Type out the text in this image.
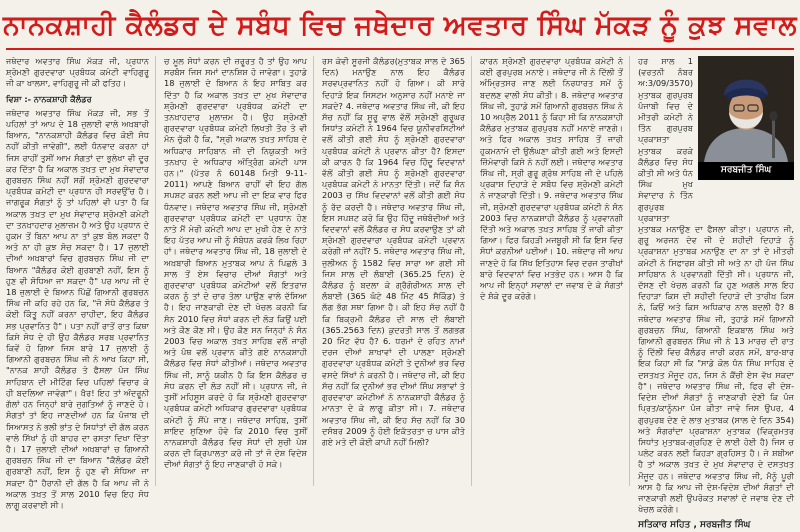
ਨਾਨਕਸ਼ਾਹੀ ਕੈਲੰਡਰ ਦੇ ਸਬੰਧ ਵਿਚ ਜਥੇਦਾਰ ਅਵਤਾਰ ਸਿੰਘ ਮੱਕੜ ਨੂੰ ਕੁਝ ਸਵਾਲ

ਜਥੇਦਾਰ ਅਵਤਾਰ ਸਿੰਘ ਮੱਕੜ ਜੀ, ਪ੍ਰਧਾਨ ਸ਼੍ਰੋਮਣੀ ਗੁਰਦਵਾਰਾ ਪ੍ਰਬੰਧਕ ਕਮੇਟੀ ਵਾਹਿਗੁਰੂ ਜੀ ਕਾ ਖਾਲਸਾ, ਵਾਹਿਗੁਰੂ ਜੀ ਕੀ ਫਤਿਹ।

ਵਿਸ਼ਾ :- ਨਾਨਕਸ਼ਾਹੀ ਕੈਲੰਡਰ

ਜਥੇਦਾਰ ਅਵਤਾਰ ਸਿੰਘ ਮੱਕੜ ਜੀ, ਸਭ ਤੋਂ ਪਹਿਲਾਂ ਤਾਂ ਆਪ ਦੇ 18 ਜੁਲਾਈ ਵਾਲੇ ਅਖ਼ਬਾਰੀ ਬਿਆਨ, "ਨਾਨਕਸ਼ਾਹੀ ਕੈਲੰਡਰ ਵਿਚ ਕੋਈ ਸੋਧ ਨਹੀਂ ਕੀਤੀ ਜਾਵੇਗੀ", ਲਈ ਧੰਨਵਾਦ ਕਰਨਾ ਹਾਂ ਜਿਸ ਰਾਹੀਂ ਤੁਸੀਂ ਆਮ ਸੰਗਤਾਂ ਦਾ ਭੁਲੇਖਾ ਵੀ ਦੂਰ ਕਰ ਦਿੱਤਾ ਹੈ ਕਿ ਅਕਾਲ ਤਖ਼ਤ ਦਾ ਮੁਖ ਸੇਵਾਦਾਰ ਗੁਰਬਚਨ ਸਿੰਘ ਨਹੀਂ ਸਗੋਂ ਸ਼੍ਰੋਮਣੀ ਗੁਰਦਵਾਰਾ ਪ੍ਰਬੰਧਕ ਕਮੇਟੀ ਦਾ ਪ੍ਰਧਾਨ ਹੀ ਸਰਵਉੱਚ ਹੈ। ਜਾਗਰੂਕ ਸੰਗਤਾਂ ਨੂੰ ਤਾਂ ਪਹਿਲਾਂ ਵੀ ਪਤਾ ਹੈ ਕਿ ਅਕਾਲ ਤਖ਼ਤ ਦਾ ਮੁਖ ਸੇਵਾਦਾਰ ਸ਼੍ਰੋਮਣੀ ਕਮੇਟੀ ਦਾ ਤਨਖ਼ਾਹਦਾਰ ਮੁਲਾਜ਼ਮ ਹੈ ਅਤੇ ਉਹ ਪ੍ਰਧਾਨ ਦੇ ਹੁਕਮ ਤੋਂ ਬਿਨਾ ਆਪ ਨਾ ਤਾਂ ਕੁਝ ਬੋਲ ਸਕਦਾ ਹੈ ਅਤੇ ਨਾ ਹੀ ਕੁਝ ਸੋਚ ਸਕਦਾ ਹੈ। 17 ਜੁਲਾਈ ਦੀਆਂ ਅਖ਼ਬਾਰਾਂ ਵਿਚ ਗੁਰਬਚਨ ਸਿੰਘ ਜੀ ਦਾ ਬਿਆਨ "ਕੈਲੰਡਰ ਕੋਈ ਗੁਰਬਾਣੀ ਨਹੀਂ, ਇਸ ਨੂੰ ਹੁਣ ਵੀ ਸੋਧਿਆ ਜਾ ਸਕਦਾ ਹੈ" ਪਰ ਆਪ ਜੀ ਦੇ 18 ਜੁਲਾਈ ਦੇ ਬਿਆਨ ਪਿੱਛੋਂ ਗਿਆਨੀ ਗੁਰਬਚਨ ਸਿੰਘ ਜੀ ਕਹਿ ਰਹੇ ਹਨ ਕਿ, "ਜੋ ਸੋਧੇ ਕੈਲੰਡਰ ਤੇ ਕੋਈ ਕਿੰਤੂ ਨਹੀਂ ਕਰਨਾ ਚਾਹੀਦਾ, ਇਹ ਕੈਲੰਡਰ ਸਭ ਪ੍ਰਵਾਨਿਤ ਹੈ"। ਪਤਾ ਨਹੀਂ ਰਾਤੋਂ ਰਾਤ ਕਿਥਾ ਕਿਸੇ ਸੋਧ ਦੇ ਹੀ ਉਹ ਕੈਲੰਡਰ ਸਰਬ ਪ੍ਰਵਾਨਿਤ ਕਿਵੇਂ ਹੋ ਗਿਆ ਜਿਸ ਬਾਰੇ 17 ਜੁਲਾਈ ਨੂੰ ਗਿਆਨੀ ਗੁਰਬਚਨ ਸਿੰਘ ਜੀ ਨੇ ਆਖ ਕਿਹਾ ਸੀ, "ਨਾਨਕ ਸ਼ਾਹੀ ਕੈਲੰਡਰ ਤੇ ਫੈਸਲਾ ਪੰਜ ਸਿੰਘ ਸਾਹਿਬਾਨ ਦੀ ਮੀਟਿੰਗ ਵਿਚ ਪਹਿਲਾਂ ਵਿਚਾਰ ਕੇ ਹੀ ਬਦਲਿਆ ਜਾਵੇਗਾ"। ਖ਼ੈਰ! ਇਹ ਤਾਂ ਅੰਦਰੂਨੀ ਗੱਲਾਂ ਹਨ ਜਿਨ੍ਹਾਂ ਬਾਰੇ ਜੁਗਤਿਆਂ ਨੂੰ ਜਾਣਦੇ ਹੋ। ਸੰਗਤਾਂ ਤਾਂ ਇਹ ਜਾਣਦੀਆਂ ਹਨ ਕਿ ਪੰਜਾਬ ਦੀ ਸਿਆਸਤ ਨੇ ਭਲੀ ਭਾਂਤ ਦੇ ਸਿਧਾਂਤਾਂ ਦੀ ਗੱਲ ਕਰਨ ਵਾਲੇ ਸਿੱਖਾਂ ਨੂੰ ਹੀ ਬਾਹਰ ਦਾ ਰਸਤਾ ਦਿਖਾ ਦਿੱਤਾ ਹੈ। 17 ਜੁਲਾਈ ਦੀਆਂ ਅਖ਼ਬਾਰਾਂ ਚ ਗਿਆਨੀ ਗੁਰਬਚਨ ਸਿੰਘ ਜੀ ਦਾ ਬਿਆਨ "ਕੈਲੰਡਰ ਕੋਈ ਗੁਰਬਾਣੀ ਨਹੀਂ, ਇਸ ਨੂੰ ਹੁਣ ਵੀ ਸੋਧਿਆ ਜਾ ਸਕਦਾ ਹੈ" ਹੈਰਾਨੀ ਦੀ ਗੱਲ ਹੈ ਕਿ ਆਪ ਜੀ ਨੇ ਅਕਾਲ ਤਖ਼ਤ ਤੋਂ ਸਾਲ 2010 ਵਿਚ ਇਹ ਸੋਧ ਲਾਗੂ ਕਰਵਾਈ ਸੀ।

ਚ ਮੂਲ ਸੋਧਾਂ ਕਰਨ ਦੀ ਜ਼ਰੂਰਤ ਹੈ ਤਾਂ ਉਹ ਆਪ ਸਰਬੰਸ ਜਿਸ ਸਮਾਂ ਦਾਨਸ਼ਿਸ਼ ਹੋ ਜਾਵੇਗਾ। ਤੁਹਾਡੇ 18 ਜੁਲਾਈ ਦੇ ਬਿਆਨ ਨੇ ਇਹ ਸਾਬਿਤ ਕਰ ਦਿੱਤਾ ਹੈ ਕਿ ਅਕਾਲ ਤਖ਼ਤ ਦਾ ਮੁਖ ਸੇਵਾਦਾਰ ਸ਼੍ਰੋਮਣੀ ਗੁਰਦਵਾਰਾ ਪ੍ਰਬੰਧਕ ਕਮੇਟੀ ਦਾ ਤਨਖ਼ਾਹਦਾਰ ਮੁਲਾਜ਼ਮ ਹੈ। ਉਹ ਸ਼੍ਰੋਮਣੀ ਗੁਰਦਵਾਰਾ ਪ੍ਰਬੰਧਕ ਕਮੇਟੀ ਲਿਖਤੀ ਤੌਰ ਤੇ ਵੀ ਮੰਨ ਚੁੱਕੀ ਹੈ ਕਿ, "ਸ੍ਰੀ ਅਕਾਲ ਤਖ਼ਤ ਸਾਹਿਬ ਦੇ ਅਧਿਕਾਰ ਸਾਹਿਬਾਨ ਜੀ ਦੀ ਨਿਯੁਕਤੀ ਅਤੇ ਤਨਖ਼ਾਹ ਦੇ ਅਧਿਕਾਰ ਅੰਤ੍ਰਿੰਗ ਕਮੇਟੀ ਪਾਸ ਹਨ।" (ਪੱਤਰ ਨੰ 60148 ਮਿਤੀ 9-11-2011) ਆਪਣੇ ਬਿਆਨ ਰਾਹੀਂ ਵੀ ਇਹ ਗੱਲ ਸਪਸ਼ਟ ਕਰਨ ਲਈ ਆਪ ਜੀ ਦਾ ਇਕ ਵਾਰ ਫਿਰ ਧੰਨਵਾਦ। ਜਥੇਦਾਰ ਅਵਤਾਰ ਸਿੰਘ ਜੀ, ਸ਼੍ਰੋਮਣੀ ਗੁਰਦਵਾਰਾ ਪ੍ਰਬੰਧਕ ਕਮੇਟੀ ਦਾ ਪ੍ਰਧਾਨ ਹੋਣ ਨਾਤੇ ਮੈਂ ਮੇਰੀ ਕਮੇਟੀ ਆਪ ਦਾ ਮੁਖੀ ਹੋਣ ਦੇ ਨਾਤੇ ਇਹ ਪੱਤਰ ਆਪ ਜੀ ਨੂੰ ਸੰਬੋਧਨ ਕਰਕੇ ਲਿਖ ਰਿਹਾ ਹਾਂ। ਜਥੇਦਾਰ ਅਵਤਾਰ ਸਿੰਘ ਜੀ, 18 ਜੁਲਾਈ ਦੇ ਅਖ਼ਬਾਰੀ ਬਿਆਨ ਮੁਤਾਬਕ ਆਪ ਨੇ ਪਿਛਲੇ 3 ਸਾਲ ਤੋਂ ਏਸ ਵਿਚਾਰ ਦੀਆਂ ਸੰਗਤਾਂ ਅਤੇ ਗੁਰਦਵਾਰਾ ਪ੍ਰਬੰਧਕ ਕਮੇਟੀਆਂ ਵਲੋਂ ਇਤਰਾਜ਼ ਕਰਨ ਨੂੰ ਤਾਂ ਦੋ ਚਾਰ ਤੋਲਾ ਪਾਉਣ ਵਾਲੇ ਦੱਸਿਆ ਹੈ। ਇਹ ਜਾਣਕਾਰੀ ਦੇਣ ਦੀ ਖੇਚਲ ਕਰਨੀ ਕਿ ਸੰਨ 2010 ਵਿਚ ਸੋਧਾਂ ਕਰਨ ਦੀ ਲੋੜ ਕਿਉਂ ਪਈ ਅਤੇ ਕੌਣ ਕੌਣ ਸੀ। ਉਹ ਕੌਣ ਸਨ ਜਿਨ੍ਹਾਂ ਨੇ ਸੰਨ 2003 ਵਿਚ ਅਕਾਲ ਤਖ਼ਤ ਸਾਹਿਬ ਵਲੋਂ ਜਾਰੀ ਅਤੇ ਪੰਥ ਵਲੋਂ ਪ੍ਰਵਾਨ ਕੀਤੇ ਗਏ ਨਾਨਕਸ਼ਾਹੀ ਕੈਲੰਡਰ ਵਿਚ ਸੋਧਾਂ ਕੀਤੀਆਂ। ਜਥੇਦਾਰ ਅਵਤਾਰ ਸਿੰਘ ਜੀ, ਸਾਨੂੰ ਯਕੀਨ ਹੈ ਕਿ ਇਸ ਕੈਲੰਡਰ ਚ ਸੋਧ ਕਰਨ ਦੀ ਲੋੜ ਨਹੀਂ ਸੀ। ਪ੍ਰਧਾਨ ਜੀ, ਜੇ ਤੁਸੀਂ ਮਹਿਸੂਸ ਕਰਦੇ ਹੋ ਕਿ ਸ਼੍ਰੋਮਣੀ ਗੁਰਦਵਾਰਾ ਪ੍ਰਬੰਧਕ ਕਮੇਟੀ ਅਧਿਕਾਰ ਗੁਰਦਵਾਰਾ ਪ੍ਰਬੰਧਕ ਕਮੇਟੀ ਨੂੰ ਸੌਂਪੇ ਜਾਣ। ਜਥੇਦਾਰ ਸਾਹਿਬ, ਤੁਸੀਂ ਸ਼ਾਇਦ ਸੁਣਿਆ ਹੋਵੇ ਕਿ 2010 ਵਿਚ ਤੁਸੀਂ ਨਾਨਕਸ਼ਾਹੀ ਕੈਲੰਡਰ ਵਿਚ ਸੋਧਾਂ ਦੀ ਸੁਚੀ ਪੇਸ਼ ਕਰਨ ਦੀ ਕ੍ਰਿਪਾਲਤਾ ਕਰੋ ਜੀ ਤਾਂ ਜੋ ਦੇਸ਼ ਵਿਦੇਸ਼ ਦੀਆਂ ਸੰਗਤਾਂ ਨੂੰ ਇਹ ਜਾਣਕਾਰੀ ਹੋ ਸਕੇ।

ਰਸ ਕੇਵੀ ਸੂਰਜੀ ਕੈਲੰਡਰ(ਮੁਤਾਬਕ ਸਾਲ ਦੇ 365 ਦਿਨ) ਮਨਾਉਣ ਨਾਲ ਇਹ ਕੈਲੰਡਰ ਸਰਵਪ੍ਰਵਾਨਿਤ ਨਹੀਂ ਹੋ ਗਿਆ। ਕੀ ਸਾਰੇ ਦਿਹਾੜੇ ਇਕ ਸਿਸਟਮ ਅਨੁਸਾਰ ਨਹੀਂ ਮਨਾਏ ਜਾ ਸਕਦੇ? 4. ਜਥੇਦਾਰ ਅਵਤਾਰ ਸਿੰਘ ਜੀ, ਕੀ ਇਹ ਸੱਚ ਨਹੀਂ ਕਿ ਸੂਰੂ ਵਾਲ ਵੱਲੋਂ ਸ੍ਰੋਮਣੀ ਗੁਰੂਘਰ ਸਿਧਾਂਤ ਕਮੇਟੀ ਨੇ 1964 ਵਿਚ ਯੂਨੀਵਰਸਿਟੀਆਂ ਵਲੋਂ ਕੀਤੀ ਗਈ ਸੋਧ ਨੂੰ ਸ਼੍ਰੋਮਣੀ ਗੁਰਦਵਾਰਾ ਪ੍ਰਬੰਧਕ ਕਮੇਟੀ ਨੇ ਪ੍ਰਵਾਨ ਕੀਤਾ ਹੈ? ਇਸਦਾ ਕੀ ਕਾਰਨ ਹੈ ਕਿ 1964 ਵਿਚ ਹਿੰਦੂ ਵਿਦਵਾਨਾਂ ਵੱਲੋਂ ਕੀਤੀ ਗਈ ਸੋਧ ਨੂੰ ਸ਼੍ਰੋਮਣੀ ਗੁਰਦਵਾਰਾ ਪ੍ਰਬੰਧਕ ਕਮੇਟੀ ਨੇ ਮਾਨਤਾ ਦਿੱਤੀ। ਜਦੋਂ ਕਿ ਸੰਨ 2003 ਚ ਸਿੱਖ ਵਿਦਵਾਨਾਂ ਵਲੋਂ ਕੀਤੀ ਗਈ ਸੋਧ ਨੂੰ ਰੱਦ ਕਰਦੀ ਹੈ। ਜਥੇਦਾਰ ਅਵਤਾਰ ਸਿੰਘ ਜੀ, ਇਸ ਸਪਸ਼ਟ ਕਰੋ ਕਿ ਉਹ ਹਿੰਦੂ ਜਥੇਬੰਦੀਆਂ ਅਤੇ ਵਿਦਵਾਨਾਂ ਵਲੋਂ ਕੈਲੰਡਰ ਚ ਸੋਧ ਕਰਵਾਉਣ ਤਾਂ ਕੀ ਸ਼੍ਰੋਮਣੀ ਗੁਰਦਵਾਰਾ ਪ੍ਰਬੰਧਕ ਕਮੇਟੀ ਪ੍ਰਵਾਨ ਕਰੇਗੀ ਜਾਂ ਨਹੀਂ? 5. ਜਥੇਦਾਰ ਅਵਤਾਰ ਸਿੰਘ ਜੀ, ਜੁਲੀਅਨ ਨੂੰ 1582 ਵਿਚ ਸਾਰਾ ਆ ਗਈ ਸੀ ਜਿਸ ਸਾਲ ਦੀ ਲੰਬਾਈ (365.25 ਦਿਨ) ਦੇ ਕੈਲੰਡਰ ਨੂੰ ਬਦਲਾ ਕੇ ਗ੍ਰੈਗੋਰੀਅਨ ਸਾਲ ਦੀ ਲੰਬਾਈ (365 ਘੰਟੇ 48 ਮਿੰਟ 45 ਸੈਕਿੰਡ) ਤੇ ਲੱਗ ਭੱਗ ਸਥਾ ਗਿਆ ਹੈ। ਕੀ ਇਹ ਸੱਚ ਨਹੀਂ ਹੈ ਕਿ ਬਿਕ੍ਰਮੀ ਕੈਲੰਡਰ ਦੀ ਸਾਲ ਦੀ ਲੰਬਾਈ (365.2563 ਦਿਨ) ਕੁਦਰਤੀ ਸਾਲ ਤੋਂ ਲਗਭਗ 20 ਮਿੰਟ ਵੱਧ ਹੈ? 6. ਧਰਮਾਂ ਦੇ ਰਹਿਤ ਨਾਮਾਂ ਦਰਜ ਦੀਆਂ ਸ਼ਾਖ਼ਾਵਾਂ ਦੀ ਪਾਲਣਾ ਸ਼੍ਰੋਮਣੀ ਗੁਰਦਵਾਰਾ ਪ੍ਰਬੰਧਕ ਕਮੇਟੀ ਤੇ ਦੁਨੀਆਂ ਭਰ ਵਿਚ ਵਸਦੇ ਸਿੱਖਾਂ ਨੇ ਕਰਨੀ ਹੈ। ਜਥੇਦਾਰ ਜੀ, ਕੀ ਇਹ ਸੱਚ ਨਹੀਂ ਕਿ ਦੁਨੀਆਂ ਭਰ ਦੀਆਂ ਸਿੰਘ ਸਭਾਵਾਂ ਤੇ ਗੁਰਦਵਾਰਾ ਕਮੇਟੀਆਂ ਨੇ ਨਾਨਕਸ਼ਾਹੀ ਕੈਲੰਡਰ ਨੂੰ ਮਾਨਤਾ ਦੇ ਕੇ ਲਾਗੂ ਕੀਤਾ ਸੀ। 7. ਜਥੇਦਾਰ ਅਵਤਾਰ ਸਿੰਘ ਜੀ, ਕੀ ਇਹ ਸੱਚ ਨਹੀਂ ਕਿ 30 ਦਸੰਬਰ 2009 ਨੂੰ ਹੋਈ ਇਕੱਤਰਤਾ ਚ ਪਾਸ ਕੀਤੇ ਗਏ ਮਤੇ ਦੀ ਕੋਈ ਕਾਪੀ ਨਹੀਂ ਮਿਲੀ?

ਕਾਰਨ ਸ਼੍ਰੋਮਣੀ ਗੁਰਦਵਾਰਾ ਪ੍ਰਬੰਧਕ ਕਮੇਟੀ ਨੇ ਕਈ ਗੁਰਪੁਰਬ ਮਨਾਏ। ਜਥੇਦਾਰ ਜੀ ਨੇ ਦਿੱਲੀ ਤੋਂ ਅੰਮ੍ਰਿਤਸਰ ਜਾਣ ਲਈ ਨਿਰਧਾਰਤ ਸਮੇਂ ਨੂੰ ਬਦਲਣ ਵਾਲੀ ਸੋਧ ਕੀਤੀ। 8. ਜਥੇਦਾਰ ਅਵਤਾਰ ਸਿੰਘ ਜੀ, ਤੁਹਾਡੇ ਸਮੇਂ ਗਿਆਨੀ ਗੁਰਬਚਨ ਸਿੰਘ ਨੇ 10 ਅਪ੍ਰੈਲ 2011 ਨੂੰ ਕਿਹਾ ਸੀ ਕਿ ਨਾਨਕਸ਼ਾਹੀ ਕੈਲੰਡਰ ਮੁਤਾਬਕ ਗੁਰਪੁਰਬ ਨਹੀਂ ਮਨਾਏ ਜਾਣਗੇ। ਅਤੇ ਫਿਰ ਅਕਾਲ ਤਖ਼ਤ ਸਾਹਿਬ ਤੋਂ ਜਾਰੀ ਹੁਕਮਨਾਮੇ ਦੀ ਉਲੰਘਣਾ ਕੀਤੀ ਗਈ ਅਤੇ ਇਸਦੀ ਜ਼ਿੰਮੇਵਾਰੀ ਕਿਸੇ ਨੇ ਨਹੀਂ ਲਈ। ਜਥੇਦਾਰ ਅਵਤਾਰ ਸਿੰਘ ਜੀ, ਸ੍ਰੀ ਗੁਰੂ ਗ੍ਰੰਥ ਸਾਹਿਬ ਜੀ ਦੇ ਪਹਿਲੇ ਪ੍ਰਕਾਸ਼ ਦਿਹਾੜੇ ਦੇ ਸਬੰਧ ਵਿਚ ਸ਼੍ਰੋਮਣੀ ਕਮੇਟੀ ਨੇ ਜਾਣਕਾਰੀ ਦਿੱਤੀ। 9. ਜਥੇਦਾਰ ਅਵਤਾਰ ਸਿੰਘ ਜੀ, ਸ਼੍ਰੋਮਣੀ ਗੁਰਦਵਾਰਾ ਪ੍ਰਬੰਧਕ ਕਮੇਟੀ ਨੇ ਸੰਨ 2003 ਵਿਚ ਨਾਨਕਸ਼ਾਹੀ ਕੈਲੰਡਰ ਨੂੰ ਪ੍ਰਵਾਨਗੀ ਦਿੱਤੀ ਅਤੇ ਅਕਾਲ ਤਖ਼ਤ ਸਾਹਿਬ ਤੋਂ ਜਾਰੀ ਕੀਤਾ ਗਿਆ। ਫਿਰ ਕਿਹੜੀ ਮਜਬੂਰੀ ਸੀ ਕਿ ਇਸ ਵਿਚ ਸੋਧਾਂ ਕਰਨੀਆਂ ਪਈਆਂ। 10. ਜਥੇਦਾਰ ਜੀ ਆਪ ਜਾਣਦੇ ਹੋ ਕਿ ਸਿੱਖ ਇਤਿਹਾਸ ਵਿਚ ਦਰਜ ਤਾਰੀਖ਼ਾਂ ਬਾਰੇ ਵਿਦਵਾਨਾਂ ਵਿਚ ਮਤਭੇਦ ਹਨ। ਆਸ ਹੈ ਕਿ ਆਪ ਜੀ ਇਨ੍ਹਾਂ ਸਵਾਲਾਂ ਦਾ ਜਵਾਬ ਦੇ ਕੇ ਸੰਗਤਾਂ ਦੇ ਸ਼ੰਕੇ ਦੂਰ ਕਰੋਗੇ।

ਹਰ ਸਾਲ 1 (ਵਰਤਨੀ ਨੰਬਰ ਅ:3/09/3570) ਮੁਤਾਬਕ ਗੁਰਪੁਰਬ ਪੰਜਾਬੀ ਵਿਚ ਦੇ ਮੀਤਰੀ ਕਮੇਟੀ ਨੇ ਤਿੰਨ ਗੁਰਪੁਰਬ ਪ੍ਰਕਾਸ਼ਤਾ ਮੁਤਾਬਕ ਕਰਕੇ ਕੈਲੰਡਰ ਵਿਚ ਸੋਧ ਕੀਤੀ ਸੀ ਅਤੇ ਧੰਨ ਸਿੰਘ ਮੁਖ ਸੇਵਾਦਾਰ ਨੇ ਤਿੰਨ ਗੁਰਪੁਰਬ ਪ੍ਰਕਾਸ਼ਤਾ
ਸਰਬਜੀਤ ਸਿੰਘ

ਮੁਤਾਬਕ ਮਨਾਉਣ ਦਾ ਫੈਸਲਾ ਕੀਤਾ। ਪ੍ਰਧਾਨ ਜੀ, ਗੁਰੂ ਅਰਜਨ ਦੇਵ ਜੀ ਦੇ ਸ਼ਹੀਦੀ ਦਿਹਾੜੇ ਨੂੰ ਪ੍ਰਕਾਸ਼ਨਾ ਮੁਤਾਬਕ ਮਨਾਉਣ ਦਾ ਨਾ ਤਾਂ ਦੇ ਮੀਤਰੀ ਕਮੇਟੀ ਨੇ ਸਿਫਾਰਸ਼ ਕੀਤੀ ਸੀ ਅਤੇ ਨਾ ਹੀ ਪੰਜ ਸਿੰਘ ਸਾਹਿਬਾਨ ਨੇ ਪ੍ਰਵਾਨਗੀ ਦਿੱਤੀ ਸੀ। ਪ੍ਰਧਾਨ ਜੀ, ਦੱਸਣ ਦੀ ਖੇਚਲ ਕਰਨੀ ਕਿ ਹੁਣ ਅਗਲੇ ਸਾਲ ਇਹ ਦਿਹਾੜਾ ਕਿਸ ਦੀ ਸ਼ਹੀਦੀ ਦਿਹਾੜੇ ਦੀ ਤਾਰੀਖ਼ ਕਿਸ ਨੇ, ਕਿਓਂ ਅਤੇ ਕਿਸ ਅਧਿਕਾਰ ਨਾਲ ਬਦਲੀ ਹੈ? 8 ਜਥੇਦਾਰ ਅਵਤਾਰ ਸਿੰਘ ਜੀ, ਤੁਹਾਡੇ ਸਮੇਂ ਗਿਆਨੀ ਗੁਰਬਚਨ ਸਿੰਘ, ਗਿਆਨੀ ਇਕਬਾਲ ਸਿੰਘ ਅਤੇ ਗਿਆਨੀ ਗੁਰਬਚਨ ਸਿੰਘ ਜੀ ਨੇ 13 ਮਾਰਚ ਦੀ ਰਾਤ ਨੂੰ ਦਿੱਲੀ ਵਿਚ ਕੈਲੰਡਰ ਜਾਰੀ ਕਰਨ ਸਮੇਂ, ਬਾਰ-ਬਾਰ ਇਕ ਕਿਹਾ ਸੀ ਕਿ "ਸਾਡੇ ਕੋਲ ਧੰਨ ਸਿੰਘ ਸਾਹਿਬ ਦੇ ਦਸਤਖ਼ਤ ਮੌਜੂਦ ਹਨ, ਜਿਸ ਨੇ ਕੈਂਚੀ ਏਸ ਵੱਖ ਸਕਦਾ ਹੈ"। ਜਥੇਦਾਰ ਅਵਤਾਰ ਸਿੰਘ ਜੀ, ਫਿਰ ਵੀ ਦੇਸ਼-ਵਿਦੇਸ਼ ਦੀਆਂ ਸੰਗਤਾਂ ਨੂੰ ਜਾਣਕਾਰੀ ਦੇਣੀ ਕਿ ਪੰਜ ਪ੍ਰਿਤ/ਕਾਨੂੰਨਮਾ ਪੰਜ ਕੀਤਾ ਜਾਵੇ ਜਿਸ ਉਪਰ, 4 ਗੁਰਪੁਰਬ ਦੇਣ ਦੇ ਲਾਭ ਮੁਤਾਬਕ (ਸਾਲ ਦੇ ਦਿਨ 354) ਅਤੇ ਸੰਗਰਾਂਦਾ ਪ੍ਰਕਾਸ਼ਨਾ ਮੁਤਾਬਕ (ਵਿਕ੍ਰਮਤਰ ਸਿਧਾਂਤ ਮੁਤਾਬਕ-ਗ੍ਰਹਿਣ ਦੇ ਲਾਈ ਹੋਈ ਹੈ) ਜਿਸ ਚ ਪਲੇਟ ਕਰਨ ਲਈ ਕਿਹੜਾ ਗ੍ਰਹਿਸਤ ਹੈ। ਜੇ ਸ਼ਬੀਆ ਹੈ ਤਾਂ ਅਕਾਲ ਤਖ਼ਤ ਦੇ ਮੁਖ ਸੇਵਾਦਾਰ ਦੇ ਦਸਤਖ਼ਤ ਮੌਜੂਦ ਹਨ। ਜਥੇਦਾਰ ਅਵਤਾਰ ਸਿੰਘ ਜੀ, ਮੈਨੂੰ ਪੂਰੀ ਆਸ ਹੈ ਕਿ ਆਪ ਜੀ ਦੇਸ਼-ਵਿਦੇਸ਼ ਦੀਆਂ ਸੰਗਤਾਂ ਦੀ ਜਾਣਕਾਰੀ ਲਈ ਉਪਰੋਕਤ ਸਵਾਲਾਂ ਦੇ ਜਵਾਬ ਦੇਣ ਦੀ ਖੇਚਲ ਕਰੋਗੇ।

ਸਤਿਕਾਰ ਸਹਿਤ , ਸਰਬਜੀਤ ਸਿੰਘ
